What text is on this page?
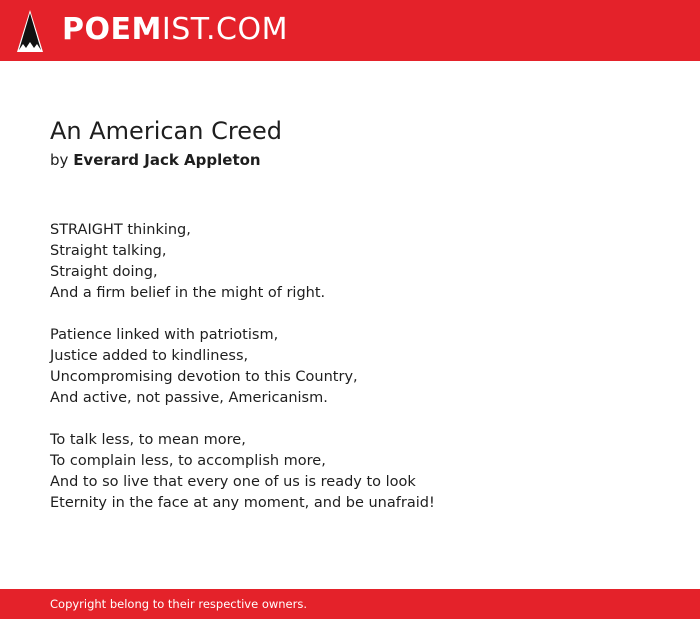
POEMIST.COM
An American Creed
by Everard Jack Appleton
STRAIGHT thinking,
Straight talking,
Straight doing,
And a firm belief in the might of right.
Patience linked with patriotism,
Justice added to kindliness,
Uncompromising devotion to this Country,
And active, not passive, Americanism.
To talk less, to mean more,
To complain less, to accomplish more,
And to so live that every one of us is ready to look
Eternity in the face at any moment, and be unafraid!
Copyright belong to their respective owners.
